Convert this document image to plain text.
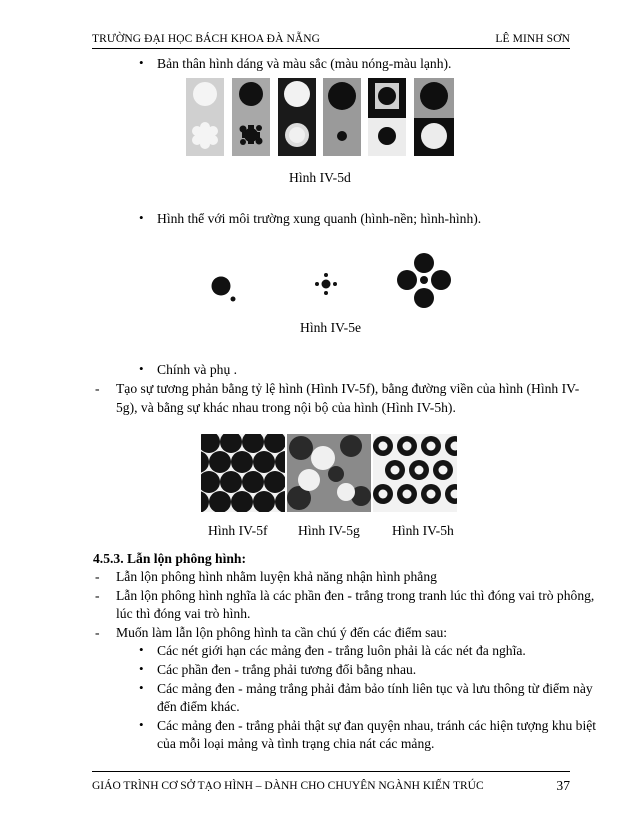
TRƯỜNG ĐẠI HỌC BÁCH KHOA ĐÀ NẴNG	LÊ MINH SƠN
• Bản thân hình dáng và màu sắc (màu nóng-màu lạnh).
Hình IV-5d
• Hình thể với môi trường xung quanh (hình-nền; hình-hình).
Hình IV-5e
• Chính và phụ .
- Tạo sự tương phản bằng tỷ lệ hình (Hình IV-5f), bằng đường viền của hình (Hình IV-
5g), và bằng sự khác nhau trong nội bộ của hình (Hình IV-5h).
Hình IV-5f Hình IV-5g Hình IV-5h
4.5.3. Lẫn lộn phông hình:
- Lẫn lộn phông hình nhằm luyện khả năng nhận hình phẳng
- Lẫn lộn phông hình nghĩa là các phần đen - trắng trong tranh lúc thì đóng vai trò phông,
lúc thì đóng vai trò hình.
- Muốn làm lẫn lộn phông hình ta cần chú ý đến các điểm sau:
• Các nét giới hạn các mảng đen - trắng luôn phải là các nét đa nghĩa.
• Các phần đen - trắng phải tương đối bằng nhau.
• Các mảng đen - mảng trắng phải đảm bảo tính liên tục và lưu thông từ điểm này
đến điểm khác.
• Các mảng đen - trắng phải thật sự đan quyện nhau, tránh các hiện tượng khu biệt
của mỗi loại mảng và tình trạng chia nát các mảng.
GIÁO TRÌNH CƠ SỞ TẠO HÌNH – DÀNH CHO CHUYÊN NGÀNH KIẾN TRÚC	37
